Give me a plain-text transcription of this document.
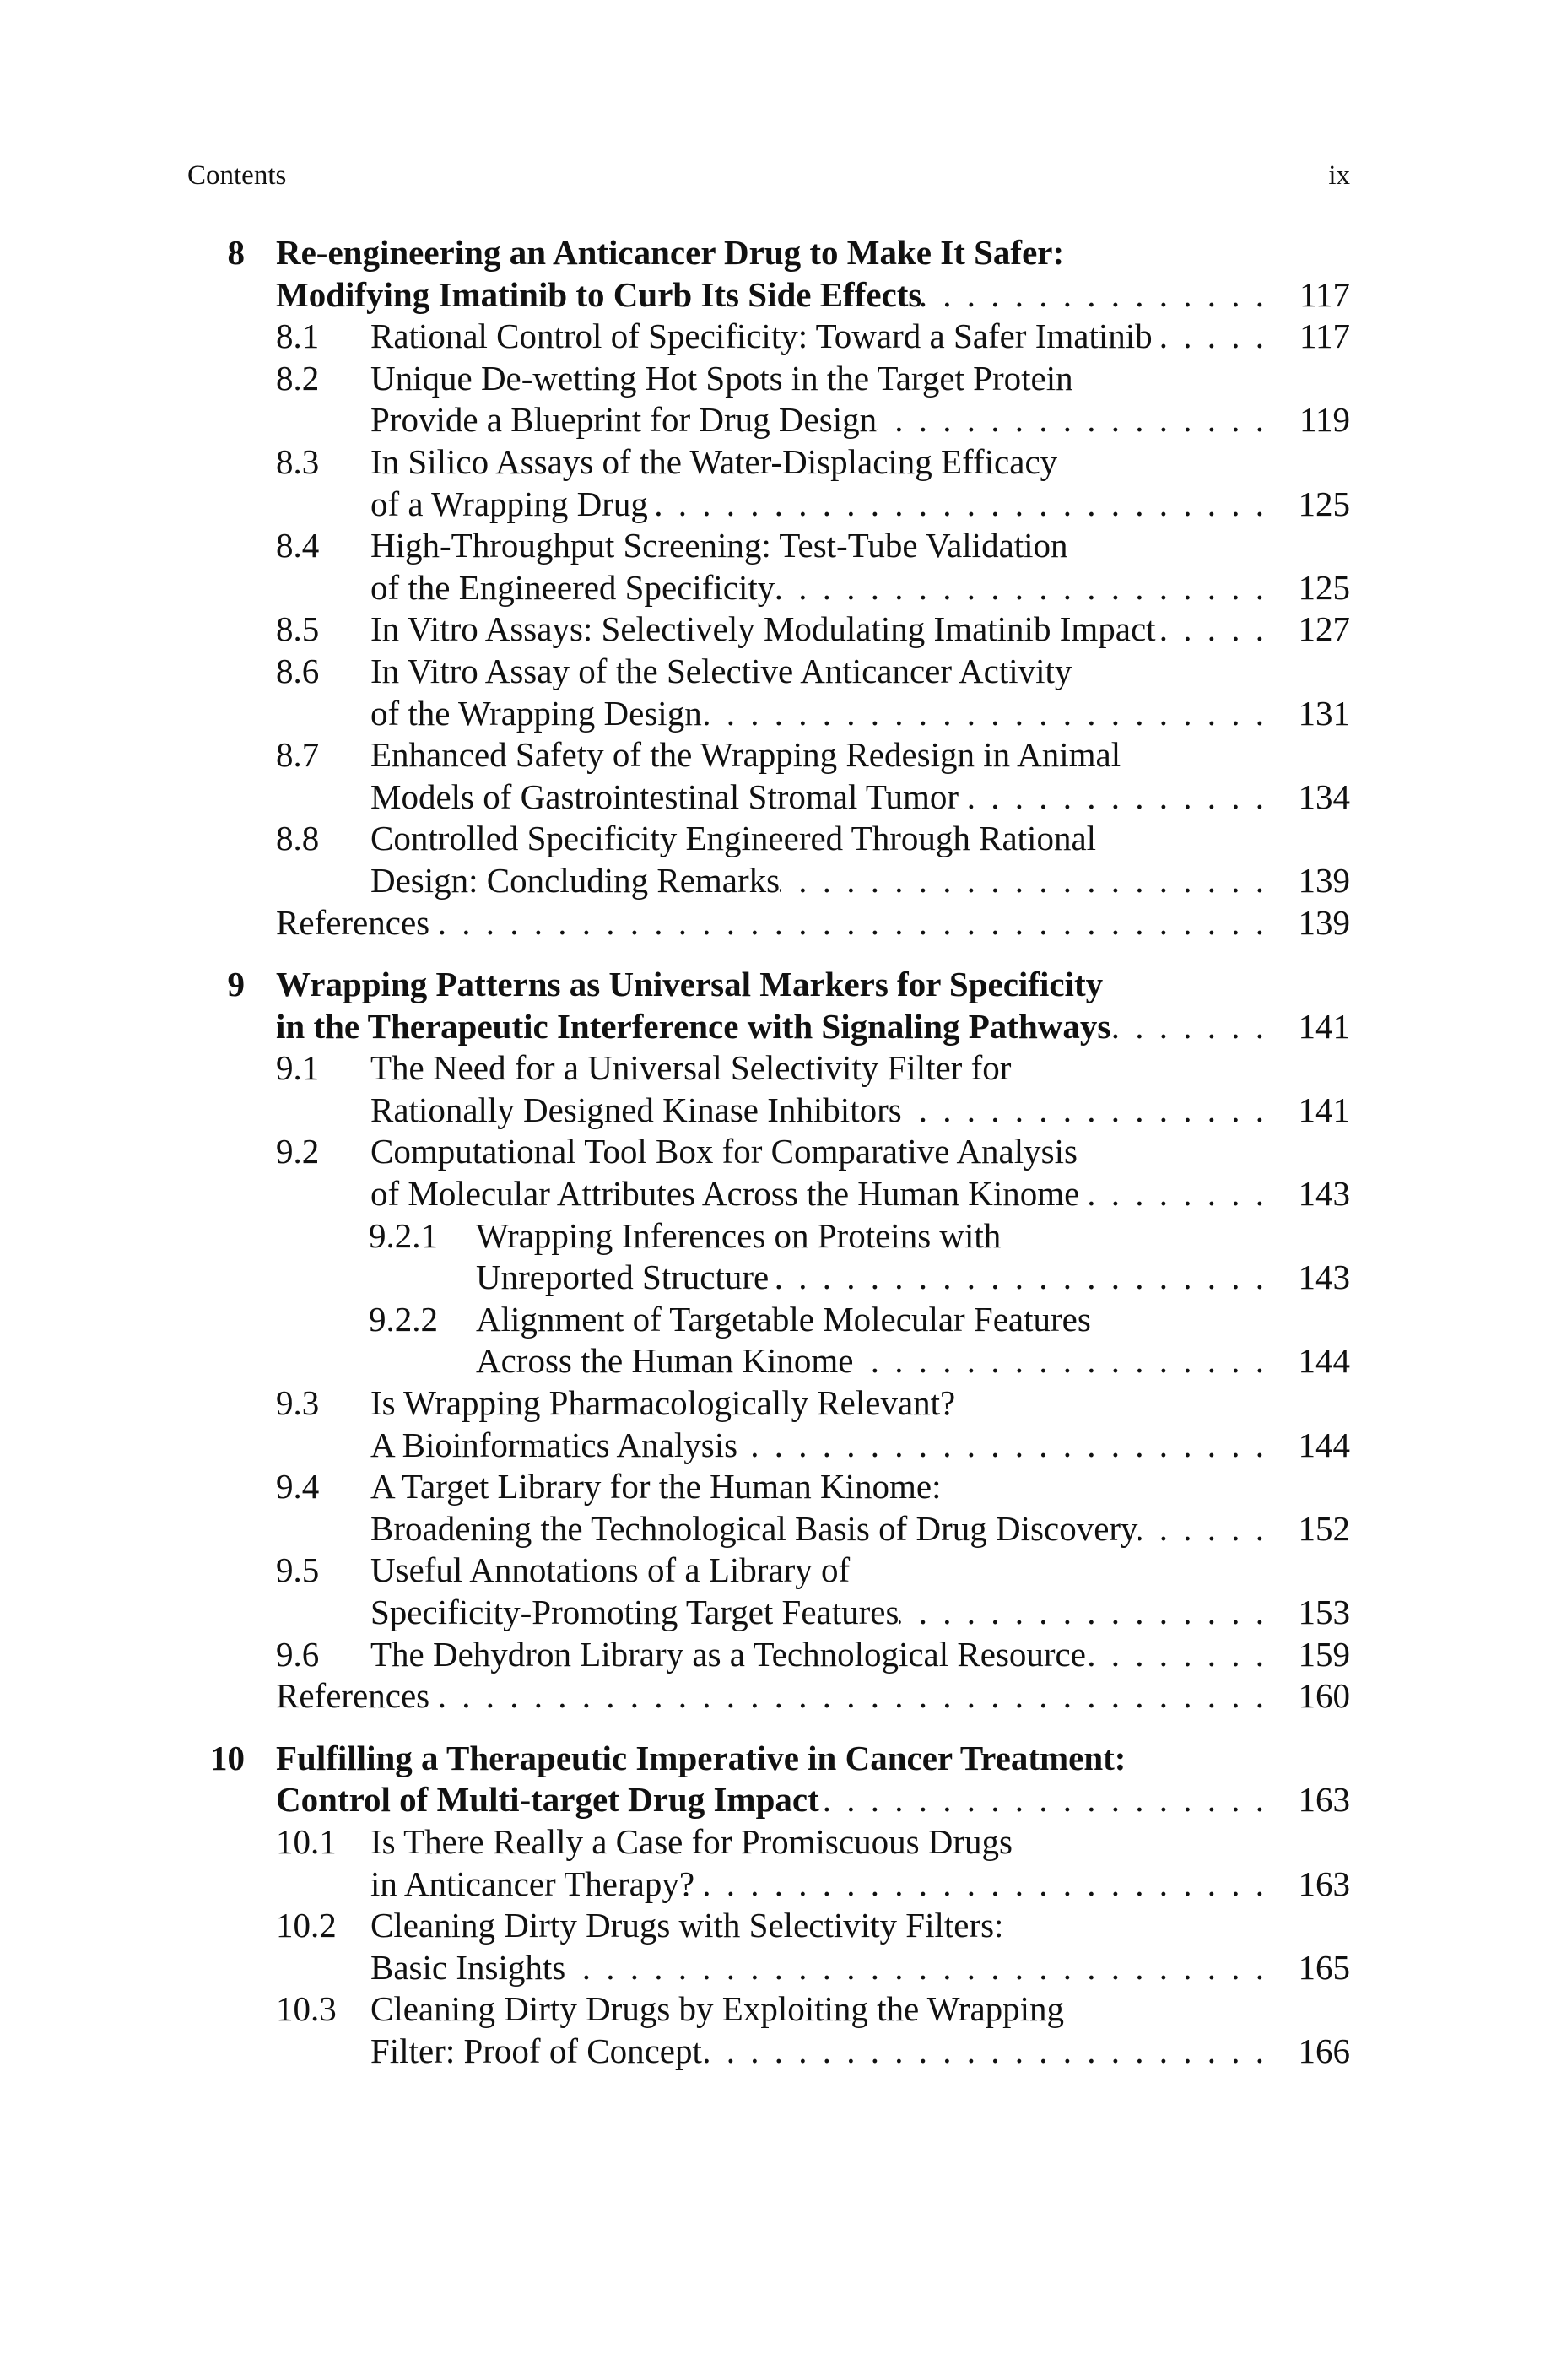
Contents	ix
8 Re-engineering an Anticancer Drug to Make It Safer:
Modifying Imatinib to Curb Its Side Effects . . .	117
8.1 Rational Control of Specificity: Toward a Safer Imatinib . . .	117
8.2 Unique De-wetting Hot Spots in the Target Protein
Provide a Blueprint for Drug Design . . .	119
8.3 In Silico Assays of the Water-Displacing Efficacy
of a Wrapping Drug . . .	125
8.4 High-Throughput Screening: Test-Tube Validation
of the Engineered Specificity . . .	125
8.5 In Vitro Assays: Selectively Modulating Imatinib Impact . . .	127
8.6 In Vitro Assay of the Selective Anticancer Activity
of the Wrapping Design . . .	131
8.7 Enhanced Safety of the Wrapping Redesign in Animal
Models of Gastrointestinal Stromal Tumor . . .	134
8.8 Controlled Specificity Engineered Through Rational
Design: Concluding Remarks . . .	139
References . . .	139
9 Wrapping Patterns as Universal Markers for Specificity
in the Therapeutic Interference with Signaling Pathways . . .	141
9.1 The Need for a Universal Selectivity Filter for
Rationally Designed Kinase Inhibitors . . .	141
9.2 Computational Tool Box for Comparative Analysis
of Molecular Attributes Across the Human Kinome . . .	143
9.2.1 Wrapping Inferences on Proteins with
Unreported Structure . . .	143
9.2.2 Alignment of Targetable Molecular Features
Across the Human Kinome . . .	144
9.3 Is Wrapping Pharmacologically Relevant?
A Bioinformatics Analysis . . .	144
9.4 A Target Library for the Human Kinome:
Broadening the Technological Basis of Drug Discovery . . .	152
9.5 Useful Annotations of a Library of
Specificity-Promoting Target Features . . .	153
9.6 The Dehydron Library as a Technological Resource . . .	159
References . . .	160
10 Fulfilling a Therapeutic Imperative in Cancer Treatment:
Control of Multi-target Drug Impact . . .	163
10.1 Is There Really a Case for Promiscuous Drugs
in Anticancer Therapy? . . .	163
10.2 Cleaning Dirty Drugs with Selectivity Filters:
Basic Insights . . .	165
10.3 Cleaning Dirty Drugs by Exploiting the Wrapping
Filter: Proof of Concept . . .	166
